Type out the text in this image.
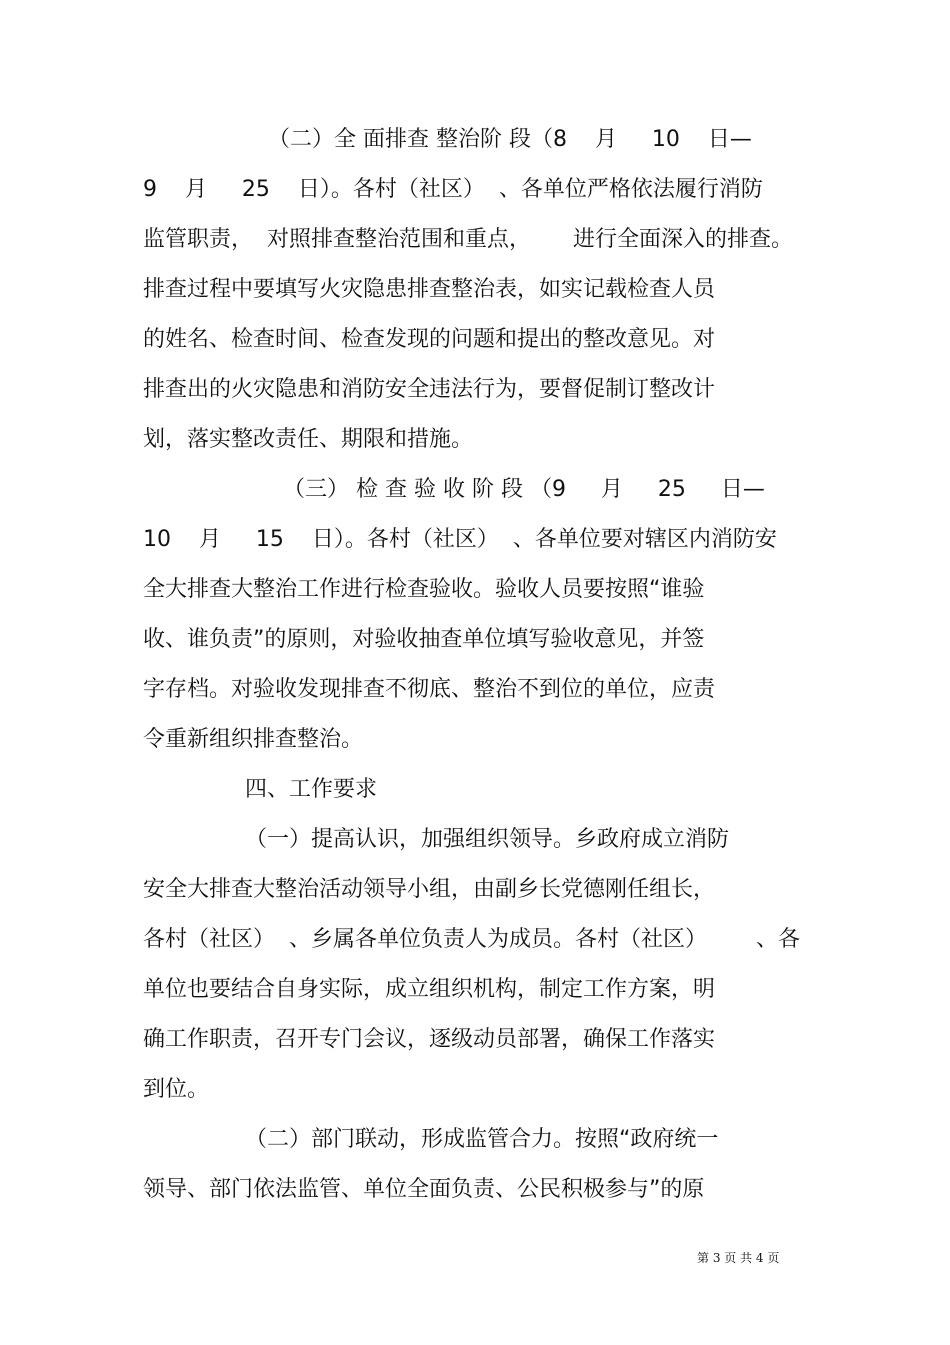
（二）全 面排查 整治阶 段（8    月     10    日—

9    月     25    日）。各村（社区）  、各单位严格依法履行消防

监管职责，  对照排查整治范围和重点，      进行全面深入的排查。

排查过程中要填写火灾隐患排查整治表，如实记载检查人员

的姓名、检查时间、检查发现的问题和提出的整改意见。对

排查出的火灾隐患和消防安全违法行为，要督促制订整改计

划，落实整改责任、期限和措施。

（三） 检 查 验 收 阶 段 （9     月     25     日—

10    月     15    日）。各村（社区）  、各单位要对辖区内消防安

全大排查大整治工作进行检查验收。验收人员要按照“谁验

收、谁负责”的原则，对验收抽查单位填写验收意见，并签

字存档。对验收发现排查不彻底、整治不到位的单位，应责

令重新组织排查整治。

四、工作要求

（一）提高认识，加强组织领导。乡政府成立消防

安全大排查大整治活动领导小组，由副乡长党德刚任组长，

各村（社区）  、乡属各单位负责人为成员。各村（社区）       、各

单位也要结合自身实际，成立组织机构，制定工作方案，明

确工作职责，召开专门会议，逐级动员部署，确保工作落实

到位。

（二）部门联动，形成监管合力。按照“政府统一

领导、部门依法监管、单位全面负责、公民积极参与”的原

第 3 页 共 4 页
